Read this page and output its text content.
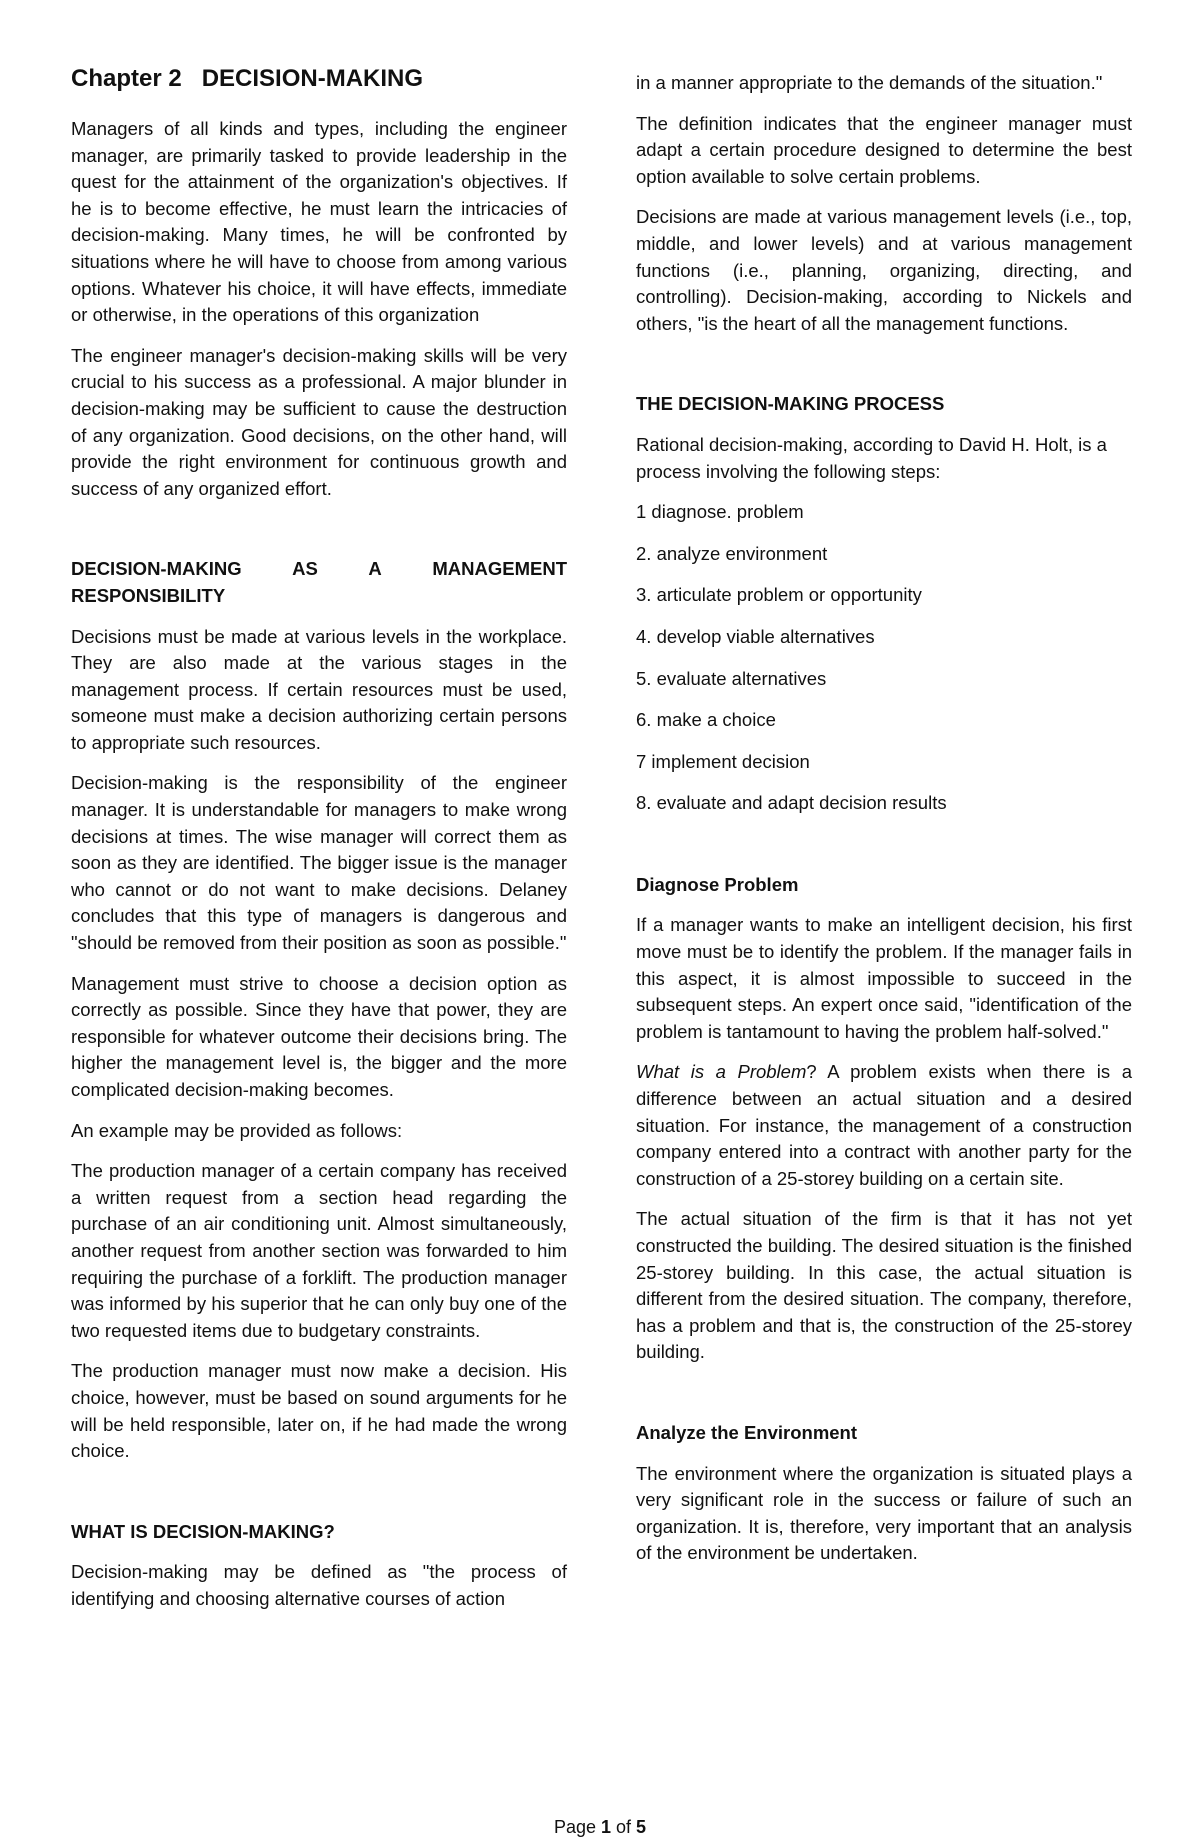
Chapter 2 DECISION-MAKING

Managers of all kinds and types, including the engineer manager, are primarily tasked to provide leadership in the quest for the attainment of the organization's objectives. If he is to become effective, he must learn the intricacies of decision-making. Many times, he will be confronted by situations where he will have to choose from among various options. Whatever his choice, it will have effects, immediate or otherwise, in the operations of this organization

The engineer manager's decision-making skills will be very crucial to his success as a professional. A major blunder in decision-making may be sufficient to cause the destruction of any organization. Good decisions, on the other hand, will provide the right environment for continuous growth and success of any organized effort.

DECISION-MAKING AS A MANAGEMENT RESPONSIBILITY

Decisions must be made at various levels in the workplace. They are also made at the various stages in the management process. If certain resources must be used, someone must make a decision authorizing certain persons to appropriate such resources.

Decision-making is the responsibility of the engineer manager. It is understandable for managers to make wrong decisions at times. The wise manager will correct them as soon as they are identified. The bigger issue is the manager who cannot or do not want to make decisions. Delaney concludes that this type of managers is dangerous and "should be removed from their position as soon as possible."

Management must strive to choose a decision option as correctly as possible. Since they have that power, they are responsible for whatever outcome their decisions bring. The higher the management level is, the bigger and the more complicated decision-making becomes.

An example may be provided as follows:

The production manager of a certain company has received a written request from a section head regarding the purchase of an air conditioning unit. Almost simultaneously, another request from another section was forwarded to him requiring the purchase of a forklift. The production manager was informed by his superior that he can only buy one of the two requested items due to budgetary constraints.

The production manager must now make a decision. His choice, however, must be based on sound arguments for he will be held responsible, later on, if he had made the wrong choice.

WHAT IS DECISION-MAKING?

Decision-making may be defined as "the process of identifying and choosing alternative courses of action

in a manner appropriate to the demands of the situation."

The definition indicates that the engineer manager must adapt a certain procedure designed to determine the best option available to solve certain problems.

Decisions are made at various management levels (i.e., top, middle, and lower levels) and at various management functions (i.e., planning, organizing, directing, and controlling). Decision-making, according to Nickels and others, "is the heart of all the management functions.

THE DECISION-MAKING PROCESS

Rational decision-making, according to David H. Holt, is a process involving the following steps:

1 diagnose. problem
2. analyze environment
3. articulate problem or opportunity
4. develop viable alternatives
5. evaluate alternatives
6. make a choice
7 implement decision
8. evaluate and adapt decision results
Diagnose Problem

If a manager wants to make an intelligent decision, his first move must be to identify the problem. If the manager fails in this aspect, it is almost impossible to succeed in the subsequent steps. An expert once said, "identification of the problem is tantamount to having the problem half-solved."

What is a Problem? A problem exists when there is a difference between an actual situation and a desired situation. For instance, the management of a construction company entered into a contract with another party for the construction of a 25-storey building on a certain site.

The actual situation of the firm is that it has not yet constructed the building. The desired situation is the finished 25-storey building. In this case, the actual situation is different from the desired situation. The company, therefore, has a problem and that is, the construction of the 25-storey building.

Analyze the Environment

The environment where the organization is situated plays a very significant role in the success or failure of such an organization. It is, therefore, very important that an analysis of the environment be undertaken.

Page 1 of 5
